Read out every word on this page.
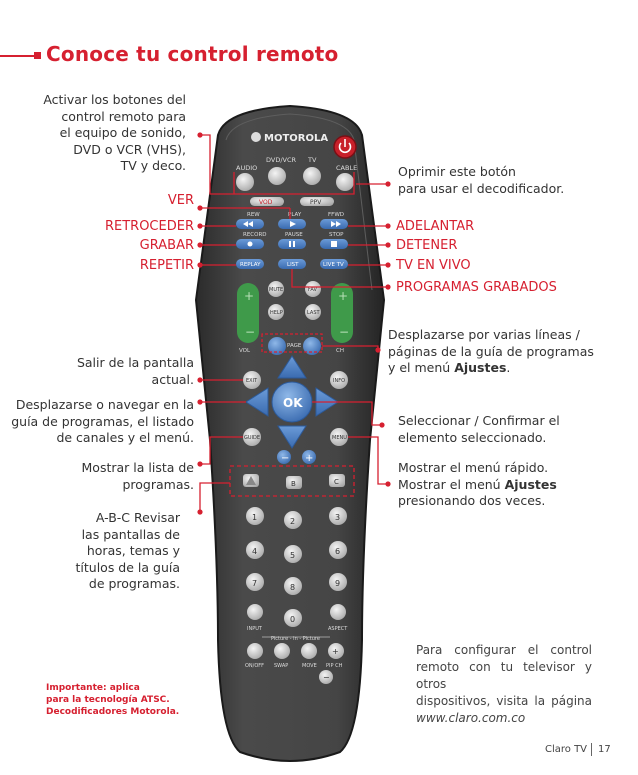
Conoce tu control remoto
MOTOROLA
AUDIO
DVD/VCR TV
CABLE
VOD	PPV
REW	PLAY	FFWD
RECORD	PAUSE	STOP
REPLAY	LIST	LIVE TV
+
−
VOL
+
−
CH
MUTE	FAV
HELP	LAST
PAGE
EXIT	INFO
OK
GUIDE	MENU
− +
B	C
1	2	3
4	5	6
7	8	9
0
INPUT	ASPECT
Picture - in - Picture
+
ON/OFF SWAP	MOVE PIP CH
−
Activar los botones del
control remoto para
el equipo de sonido,
DVD o VCR (VHS),
TV y deco.
VER
RETROCEDER
GRABAR
REPETIR
Salir de la pantalla
actual.
Desplazarse o navegar en la
guía de programas, el listado
de canales y el menú.
Mostrar la lista de
programas.
A-B-C Revisar
las pantallas de
horas, temas y
títulos de la guía
de programas.
Oprimir este botón
para usar el decodificador.
ADELANTAR
DETENER
TV EN VIVO
PROGRAMAS GRABADOS
Desplazarse por varias líneas /
páginas de la guía de programas
y el menú Ajustes.
Seleccionar / Confirmar el
elemento seleccionado.
Mostrar el menú rápido.
Mostrar el menú Ajustes
presionando dos veces.
Importante: aplica
para la tecnología ATSC.
Decodificadores Motorola.
Para configurar el control
remoto con tu televisor y otros
dispositivos, visita la página
www.claro.com.co
Claro TV 17
